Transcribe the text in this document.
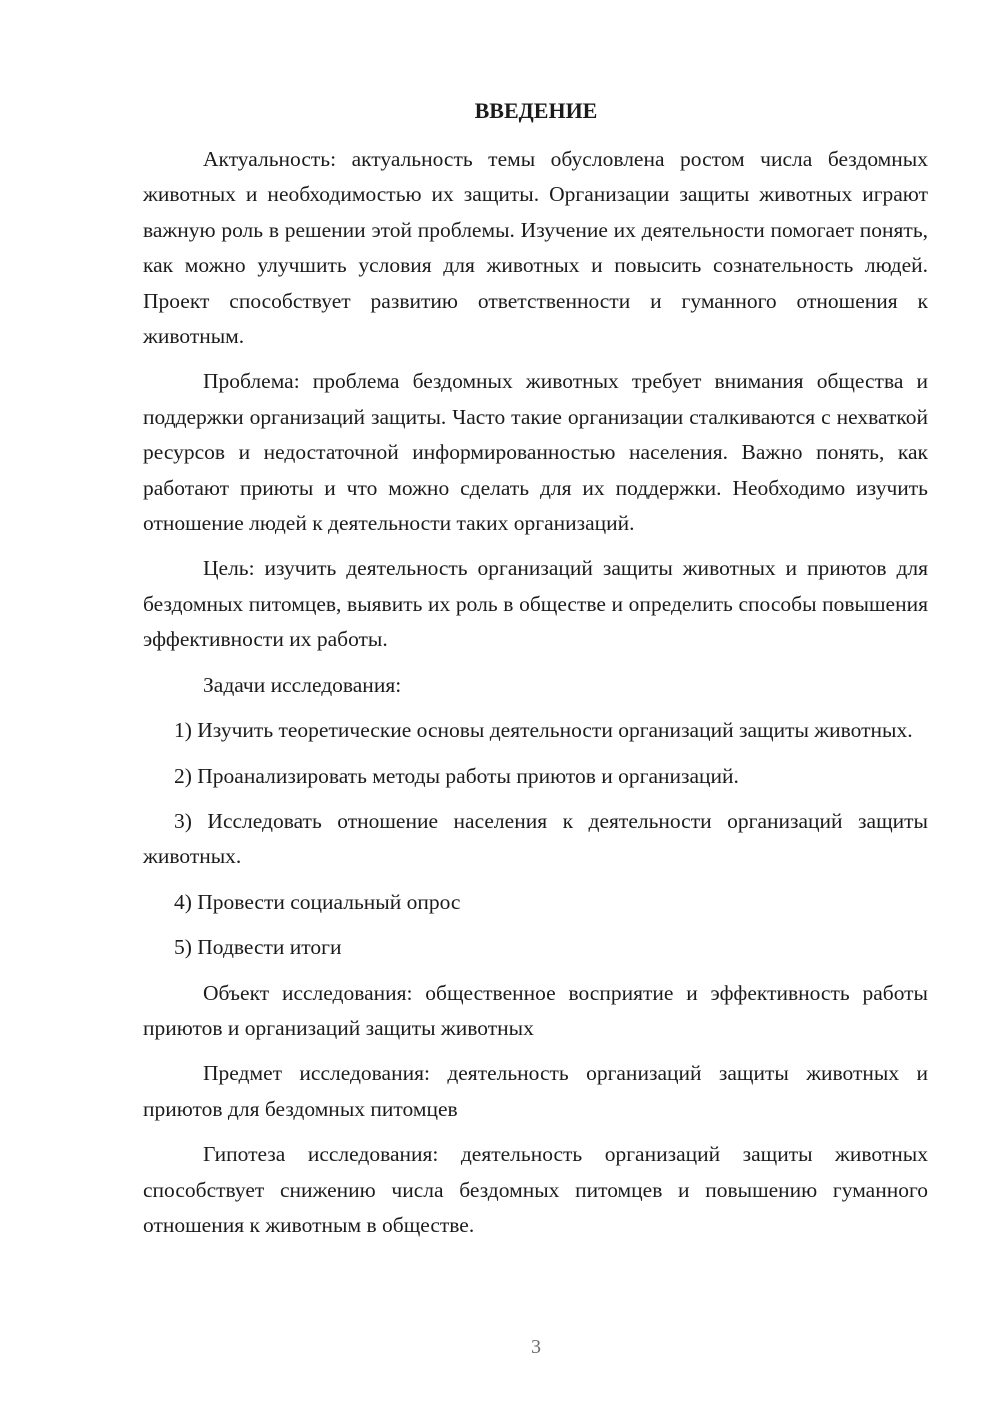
ВВЕДЕНИЕ

Актуальность: актуальность темы обусловлена ростом числа бездомных животных и необходимостью их защиты. Организации защиты животных играют важную роль в решении этой проблемы. Изучение их деятельности помогает понять, как можно улучшить условия для животных и повысить сознательность людей. Проект способствует развитию ответственности и гуманного отношения к животным.

Проблема: проблема бездомных животных требует внимания общества и поддержки организаций защиты. Часто такие организации сталкиваются с нехваткой ресурсов и недостаточной информированностью населения. Важно понять, как работают приюты и что можно сделать для их поддержки. Необходимо изучить отношение людей к деятельности таких организаций.

Цель: изучить деятельность организаций защиты животных и приютов для бездомных питомцев, выявить их роль в обществе и определить способы повышения эффективности их работы.

Задачи исследования:

1) Изучить теоретические основы деятельности организаций защиты животных.

2) Проанализировать методы работы приютов и организаций.

3) Исследовать отношение населения к деятельности организаций защиты животных.

4) Провести социальный опрос

5) Подвести итоги

Объект исследования: общественное восприятие и эффективность работы приютов и организаций защиты животных

Предмет исследования: деятельность организаций защиты животных и приютов для бездомных питомцев

Гипотеза исследования: деятельность организаций защиты животных способствует снижению числа бездомных питомцев и повышению гуманного отношения к животным в обществе.

3
